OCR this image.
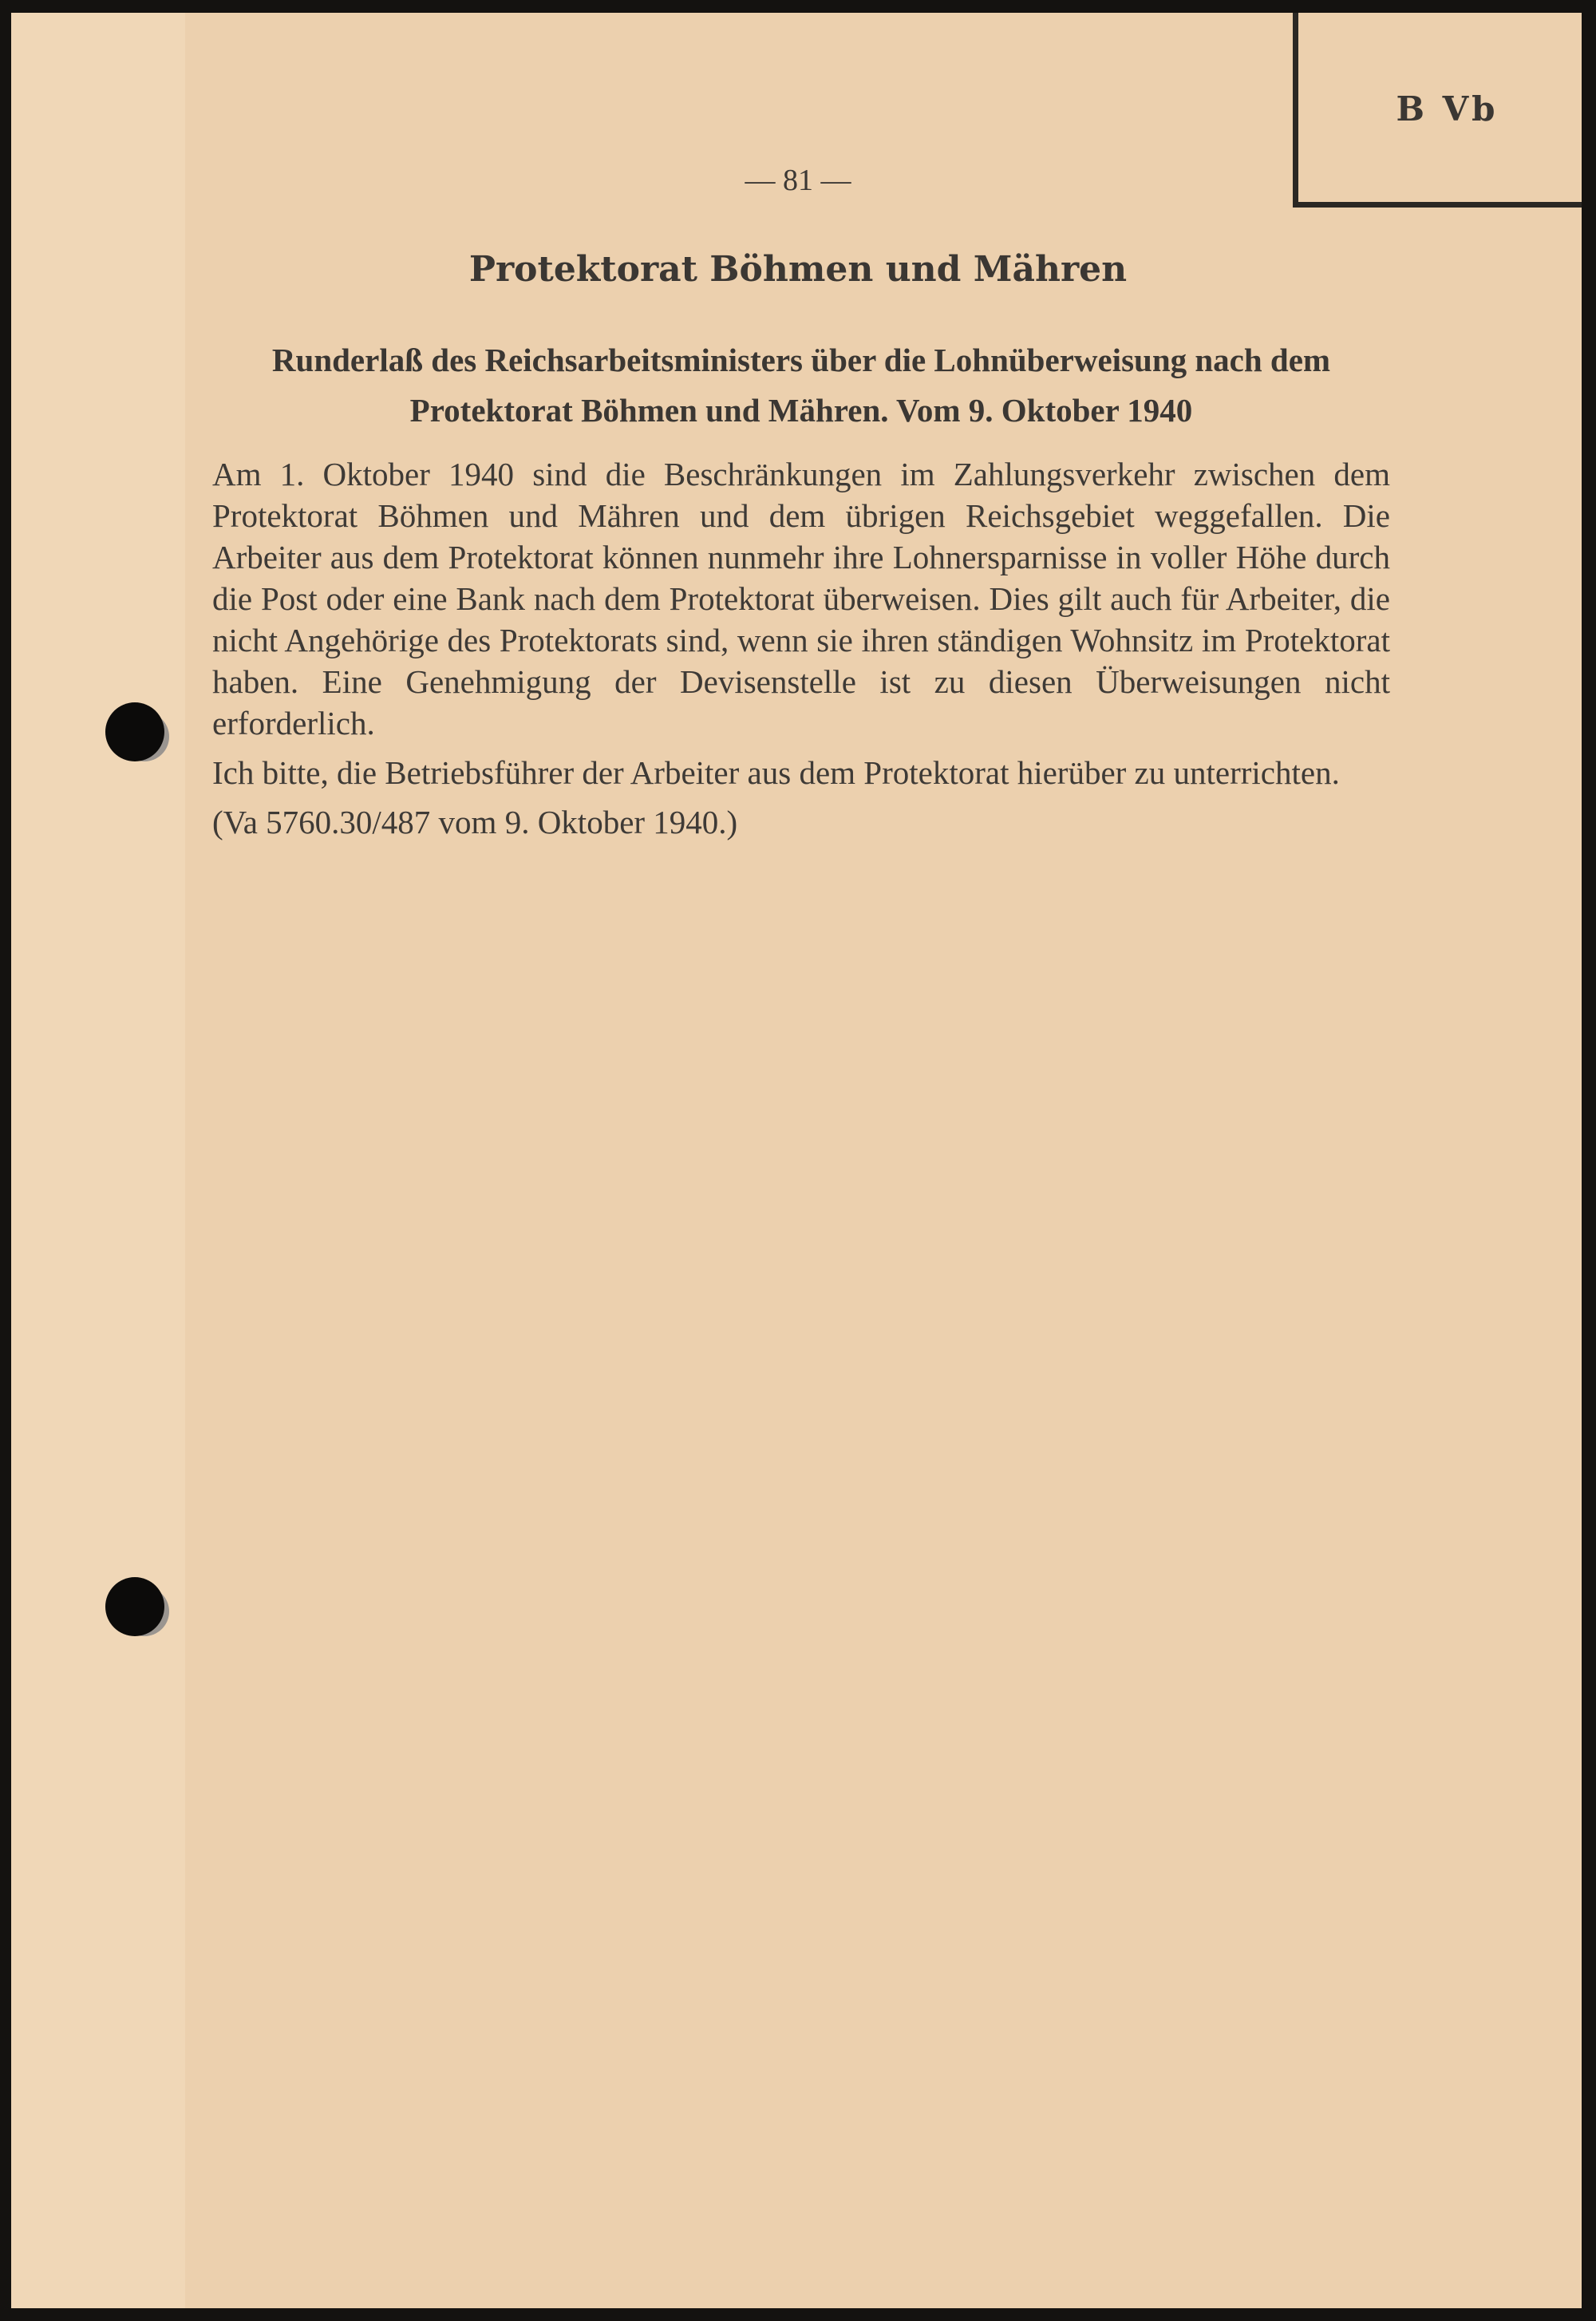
B Vb
— 81 —
Protektorat Böhmen und Mähren
Runderlaß des Reichsarbeitsministers über die Lohnüberweisung nach dem Protektorat Böhmen und Mähren. Vom 9. Oktober 1940

Am 1. Oktober 1940 sind die Beschränkungen im Zahlungsverkehr zwischen dem Protektorat Böhmen und Mähren und dem übrigen Reichsgebiet weggefallen. Die Arbeiter aus dem Protektorat können nunmehr ihre Lohnersparnisse in voller Höhe durch die Post oder eine Bank nach dem Protektorat überweisen. Dies gilt auch für Arbeiter, die nicht Angehörige des Protektorats sind, wenn sie ihren ständigen Wohnsitz im Protektorat haben. Eine Genehmigung der Devisenstelle ist zu diesen Überweisungen nicht erforderlich.

Ich bitte, die Betriebsführer der Arbeiter aus dem Protektorat hierüber zu unterrichten.

(Va 5760.30/487 vom 9. Oktober 1940.)
